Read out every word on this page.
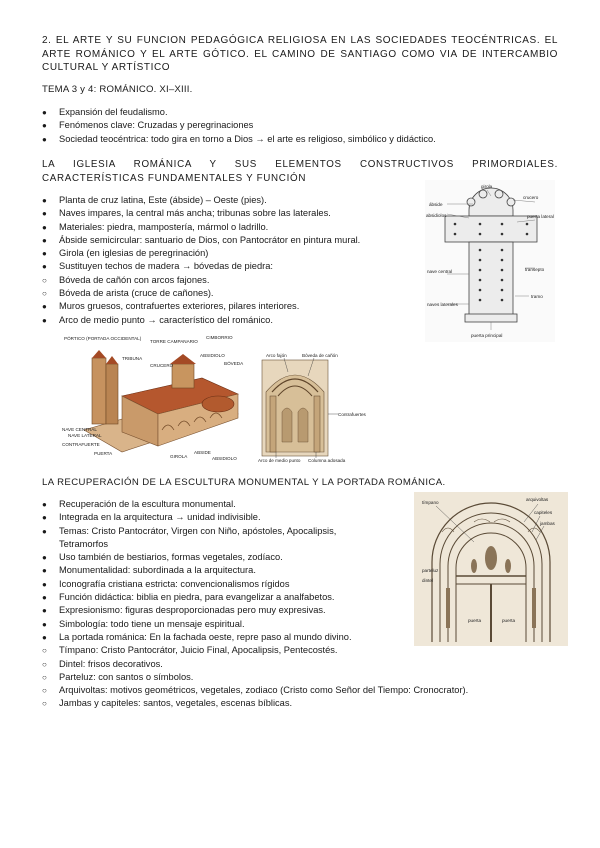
2. EL ARTE Y SU FUNCION PEDAGÓGICA RELIGIOSA EN LAS SOCIEDADES TEOCÉNTRICAS. EL ARTE ROMÁNICO Y EL ARTE GÓTICO. EL CAMINO DE SANTIAGO COMO VIA DE INTERCAMBIO CULTURAL Y ARTÍSTICO
TEMA 3 y 4: ROMÁNICO. XI–XIII.
●	Expansión del feudalismo.
●	Fenómenos clave: Cruzadas y peregrinaciones
●	Sociedad teocéntrica: todo gira en torno a Dios → el arte es religioso, simbólico y didáctico.
LA IGLESIA ROMÁNICA Y SUS ELEMENTOS CONSTRUCTIVOS PRIMORDIALES. CARACTERÍSTICAS FUNDAMENTALES Y FUNCIÓN
●	Planta de cruz latina, Este (ábside) – Oeste (pies).
●	Naves impares, la central más ancha; tribunas sobre las laterales.
●	Materiales: piedra, mampostería, mármol o ladrillo.
●	Ábside semicircular: santuario de Dios, con Pantocrátor en pintura mural.
●	Girola (en iglesias de peregrinación)
●	Sustituyen techos de madera → bóvedas de piedra:
○	Bóveda de cañón con arcos fajones.
○	Bóveda de arista (cruce de cañones).
●	Muros gruesos, contrafuertes exteriores, pilares interiores.
●	Arco de medio punto → característico del románico.
girola
ábside
absidiolos
crucero
puerta lateral
transepto
nave central
naves laterales
tramo
puerta principal
PÓRTICO (PORTADA OCCIDENTAL)
TORRE CAMPANARIO
TRIBUNA
CRUCERO
CIMBORRIO
ABSIDIOLO
BÓVEDA
NAVE CENTRAL
NAVE LATERAL
CONTRAFUERTE
PUERTA
GIROLA
ABSIDE
ABSIDIOLO
Arco fajón	Bóveda de cañón
Contrafuertes
Arco de medio punto Columna adosada
LA RECUPERACIÓN DE LA ESCULTURA MONUMENTAL Y LA PORTADA ROMÁNICA.
●	Recuperación de la escultura monumental.
●	Integrada en la arquitectura → unidad indivisible.
●	Temas: Cristo Pantocrátor, Virgen con Niño, apóstoles, Apocalipsis,
Tetramorfos
●	Uso también de bestiarios, formas vegetales, zodíaco.
●	Monumentalidad: subordinada a la arquitectura.
●	Iconografía cristiana estricta: convencionalismos rígidos
●	Función didáctica: biblia en piedra, para evangelizar a analfabetos.
●	Expresionismo: figuras desproporcionadas pero muy expresivas.
●	Simbología: todo tiene un mensaje espiritual.
●	La portada románica: En la fachada oeste, repre paso al mundo divino.
○	Tímpano: Cristo Pantocrátor, Juicio Final, Apocalipsis, Pentecostés.
○	Dintel: frisos decorativos.
○	Parteluz: con santos o símbolos.
○	Arquivoltas: motivos geométricos, vegetales, zodiaco (Cristo como Señor del Tiempo: Cronocrator).
○	Jambas y capiteles: santos, vegetales, escenas bíblicas.
tímpano
arquivoltas
capiteles
jambas
parteluz
dintel
puerta	puerta
